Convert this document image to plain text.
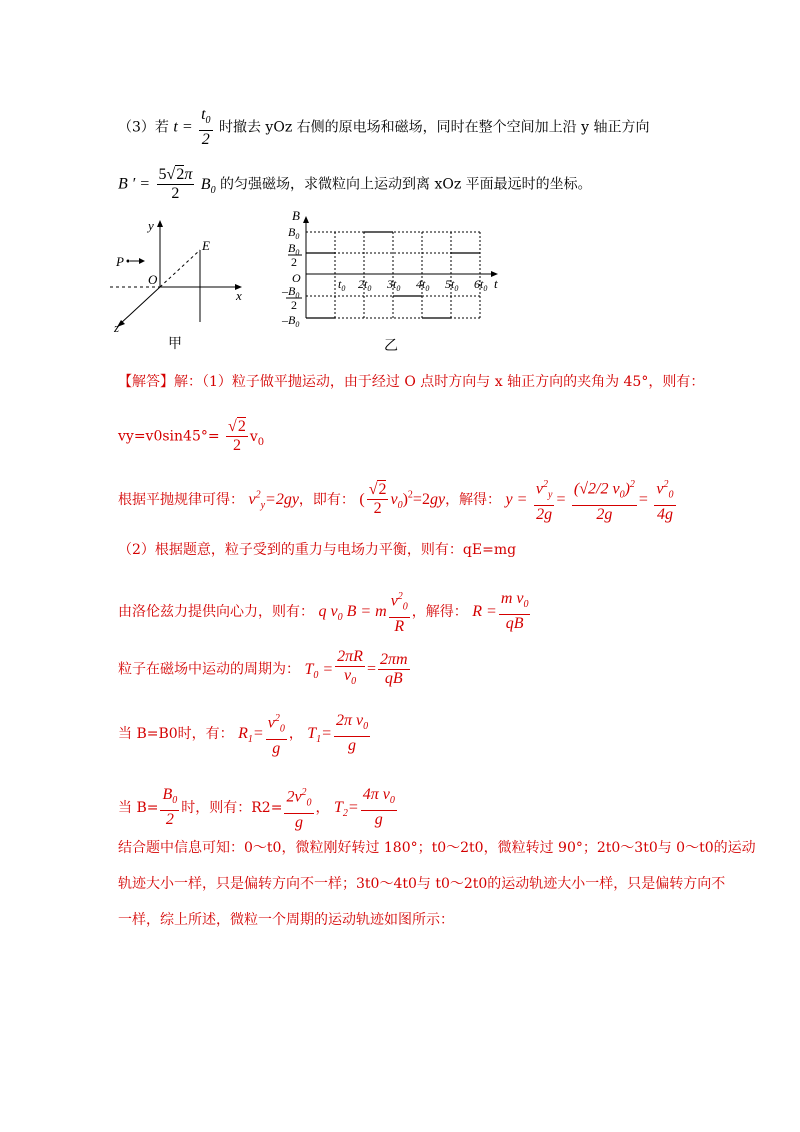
（3）若 $t = \frac{t_0}{2}$ 时撤去 yOz 右侧的原电场和磁场，同时在整个空间加上沿 y 轴正方向
B ′ = $\frac{5√2\pi}{2} B_0$ 的匀强磁场，求微粒向上运动到离 xOz 平面最远时的坐标。
y
x
z
P
O
E
甲
B
t
O
$B_0$
$B_0$
2
$-B_0$
2
$-B_0$
$t_0$ $2t_0$ $3t_0$ $4t_0$ $5t_0$ $6t_0$
乙
【解答】解：（1）粒子做平抛运动，由于经过 O 点时方向与 x 轴正方向的夹角为 45°，则有：
$vy=v0\sin 45^\circ= \frac{√2}{2} v_0$
根据平抛规律可得： $v^2_y=2gy$，即有： ( $\frac{√2}{2} v_0)^2=2gy$，解得： $y = \frac{v^2_y}{2g} = \frac{(√2/2 v_0)^2}{2g} = \frac{v^2_0}{4g}$
（2）根据题意，粒子受到的重力与电场力平衡，则有：qE=mg
由洛伦兹力提供向心力，则有： q $v_0$ B = m $\frac{v^2_0}{R}$ ，解得： $R = \frac{m v_0}{qB}$
粒子在磁场中运动的周期为： $T_0 = \frac{2\pi R}{v_0} = \frac{2\pi m}{qB}$
当 B=B0时，有： $R_1= \frac{v^2_0}{g}$ ， $T_1= \frac{2\pi v_0}{g}$
当 $B= \frac{B_0}{2}$ 时，则有：$R2= \frac{2v^2_0}{g}$ ， $T_2= \frac{4\pi v_0}{g}$
结合题中信息可知：0～t0，微粒刚好转过 180°；t0～2t0，微粒转过 90°；2t0～3t0与 0～t0的运动
轨迹大小一样，只是偏转方向不一样；3t0～4t0与 t0～2t0的运动轨迹大小一样，只是偏转方向不
一样，综上所述，微粒一个周期的运动轨迹如图所示：
